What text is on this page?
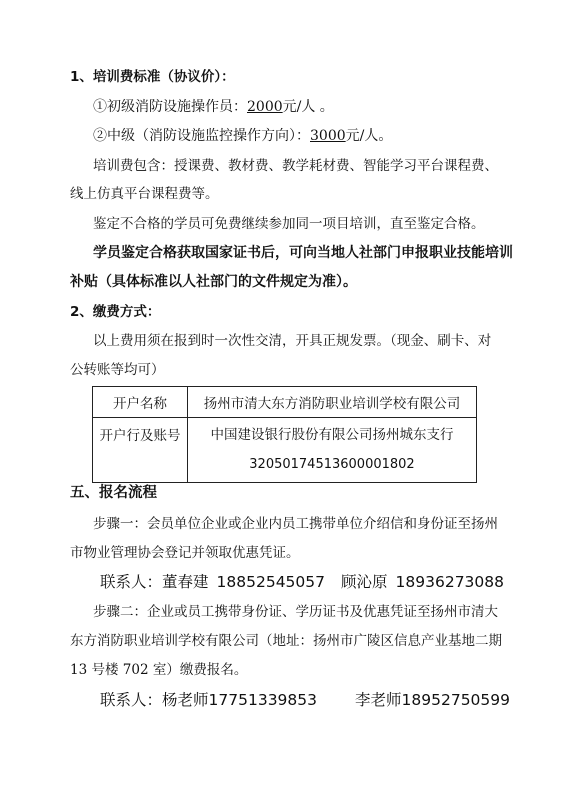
1、培训费标准（协议价）：
①初级消防设施操作员：2000元/人 。
②中级（消防设施监控操作方向）：3000元/人。
培训费包含：授课费、教材费、教学耗材费、智能学习平台课程费、
线上仿真平台课程费等。
鉴定不合格的学员可免费继续参加同一项目培训，直至鉴定合格。
学员鉴定合格获取国家证书后，可向当地人社部门申报职业技能培训
补贴（具体标准以人社部门的文件规定为准）。
2、缴费方式：
以上费用须在报到时一次性交清，开具正规发票。（现金、刷卡、对
公转账等均可）
开户名称	扬州市清大东方消防职业培训学校有限公司
开户行及账号	中国建设银行股份有限公司扬州城东支行
32050174513600001802
五、报名流程
步骤一：会员单位企业或企业内员工携带单位介绍信和身份证至扬州
市物业管理协会登记并领取优惠凭证。
联系人：董春建 18852545057 顾沁原 18936273088
步骤二：企业或员工携带身份证、学历证书及优惠凭证至扬州市清大
东方消防职业培训学校有限公司（地址：扬州市广陵区信息产业基地二期
13 号楼 702 室）缴费报名。
联系人：杨老师17751339853 李老师18952750599
